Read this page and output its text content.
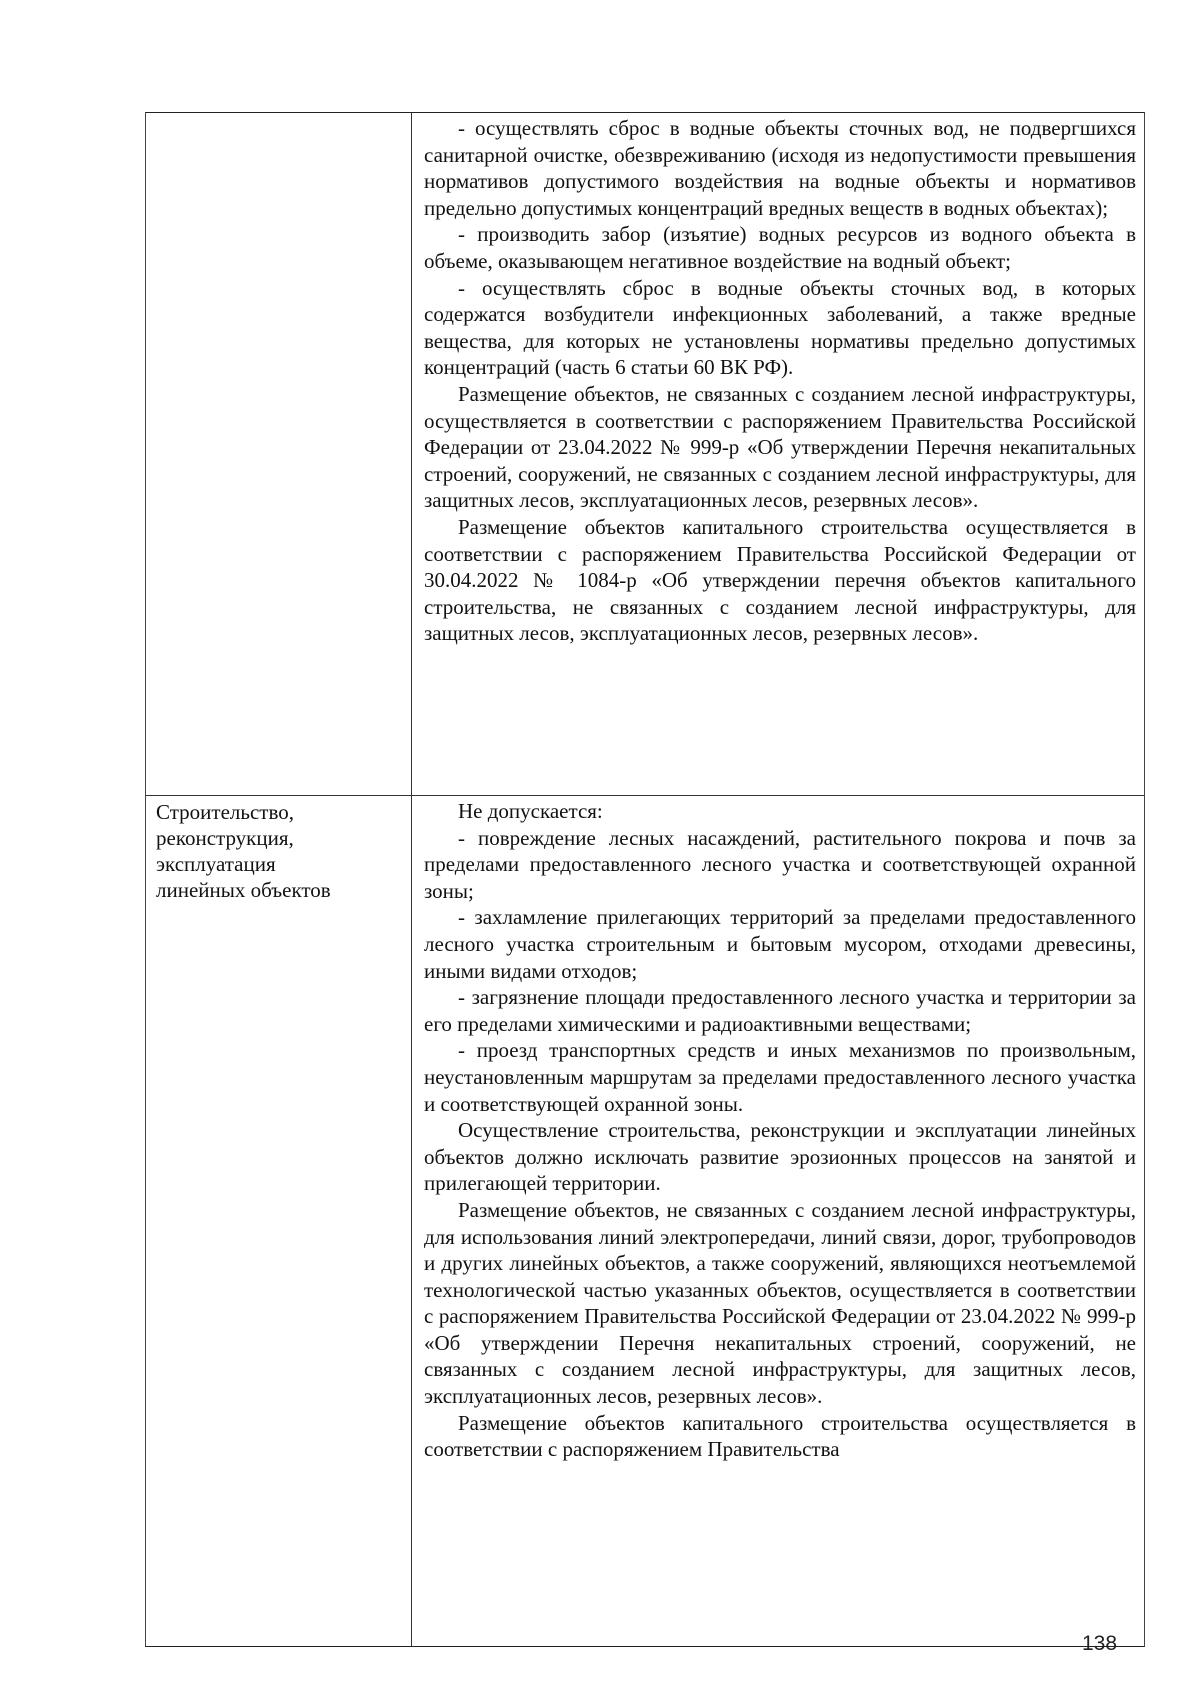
- осуществлять сброс в водные объекты сточных вод, не подвергшихся санитарной очистке, обезвреживанию (исходя из недопустимости превышения нормативов допустимого воздействия на водные объекты и нормативов предельно допустимых концентраций вредных веществ в водных объектах);

- производить забор (изъятие) водных ресурсов из водного объекта в объеме, оказывающем негативное воздействие на водный объект;

- осуществлять сброс в водные объекты сточных вод, в которых содержатся возбудители инфекционных заболеваний, а также вредные вещества, для которых не установлены нормативы предельно допустимых концентраций (часть 6 статьи 60 ВК РФ).

Размещение объектов, не связанных с созданием лесной инфраструктуры, осуществляется в соответствии с распоряжением Правительства Российской Федерации от 23.04.2022 № 999-р «Об утверждении Перечня некапитальных строений, сооружений, не связанных с созданием лесной инфраструктуры, для защитных лесов, эксплуатационных лесов, резервных лесов».

Размещение объектов капитального строительства осуществляется в соответствии с распоряжением Правительства Российской Федерации от 30.04.2022 № 1084-р «Об утверждении перечня объектов капитального строительства, не связанных с созданием лесной инфраструктуры, для защитных лесов, эксплуатационных лесов, резервных лесов».

Строительство,
реконструкция,
эксплуатация
линейных объектов

Не допускается:

- повреждение лесных насаждений, растительного покрова и почв за пределами предоставленного лесного участка и соответствующей охранной зоны;

- захламление прилегающих территорий за пределами предоставленного лесного участка строительным и бытовым мусором, отходами древесины, иными видами отходов;

- загрязнение площади предоставленного лесного участка и территории за его пределами химическими и радиоактивными веществами;

- проезд транспортных средств и иных механизмов по произвольным, неустановленным маршрутам за пределами предоставленного лесного участка и соответствующей охранной зоны.

Осуществление строительства, реконструкции и эксплуатации линейных объектов должно исключать развитие эрозионных процессов на занятой и прилегающей территории.

Размещение объектов, не связанных с созданием лесной инфраструктуры, для использования линий электропередачи, линий связи, дорог, трубопроводов и других линейных объектов, а также сооружений, являющихся неотъемлемой технологической частью указанных объектов, осуществляется в соответствии с распоряжением Правительства Российской Федерации от 23.04.2022 № 999-р «Об утверждении Перечня некапитальных строений, сооружений, не связанных с созданием лесной инфраструктуры, для защитных лесов, эксплуатационных лесов, резервных лесов».

Размещение объектов капитального строительства осуществляется в соответствии с распоряжением Правительства

138
